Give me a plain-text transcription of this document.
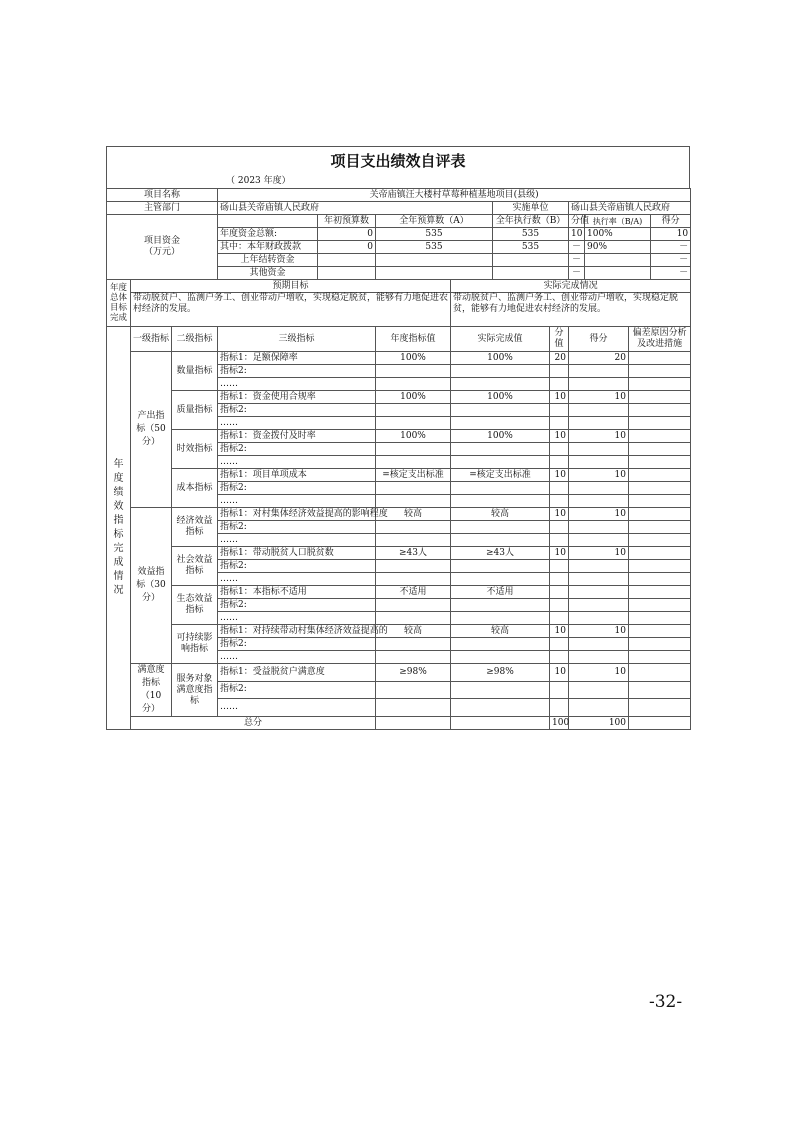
项目支出绩效自评表
（ 2023 年度）
项目名称			关帝庙镇汪大楼村草莓种植基地项目(县级)									
主管部门			砀山县关帝庙镇人民政府				实施单位		砀山县关帝庙镇人民政府			

项目资金
（万元）				年初预算数	全年预算数（A）		全年执行数（B）		分值	执行率（B/A)		得分
			年度资金总额:	0	535		535		10	100%		10
			其中：本年财政拨款	0	535		535		－	90%		－
			上年结转资金						－			－
			其他资金						－			－
年度总体目标完成	预期目标					实际完成情况						
	带动脱贫户、监测户务工、创业带动户增收，实现稳定脱贫，能够有力地促进农村经济的发展。					带动脱贫户、监测户务工、创业带动户增收，实现稳定脱贫，能够有力地促进农村经济的发展。						
年度绩效指标完成情况	一级指标	二级指标	三级指标		年度指标值	实际完成值		分值	得分		偏差原因分析及改进措施	
	产出指标（50分）	数量指标	指标1：足额保障率		100%	100%		20	20			
			指标2:									
			……									
		质量指标	指标1：资金使用合规率		100%	100%		10	10			
			指标2:									
			……									
		时效指标	指标1：资金拨付及时率		100%	100%		10	10			
			指标2:									
			……									
		成本指标	指标1：项目单项成本		=核定支出标准	=核定支出标准		10	10			
			指标2:									
			……									
	效益指标（30分）	经济效益指标	指标1：对村集体经济效益提高的影响程度		较高	较高		10	10			
			指标2:									
			……									
		社会效益指标	指标1：带动脱贫人口脱贫数		≥43人	≥43人		10	10			
			指标2:									
			……									
		生态效益指标	指标1：本指标不适用		不适用	不适用						
			指标2:									
			……									
		可持续影响指标	指标1：对持续带动村集体经济效益提高的		较高	较高		10	10			
			指标2:									
			……									
	满意度指标（10分）	服务对象满意度指标	指标1：受益脱贫户满意度		≥98%	≥98%		10	10			
			指标2:									
			……									
	总分							100	100			
-32-
